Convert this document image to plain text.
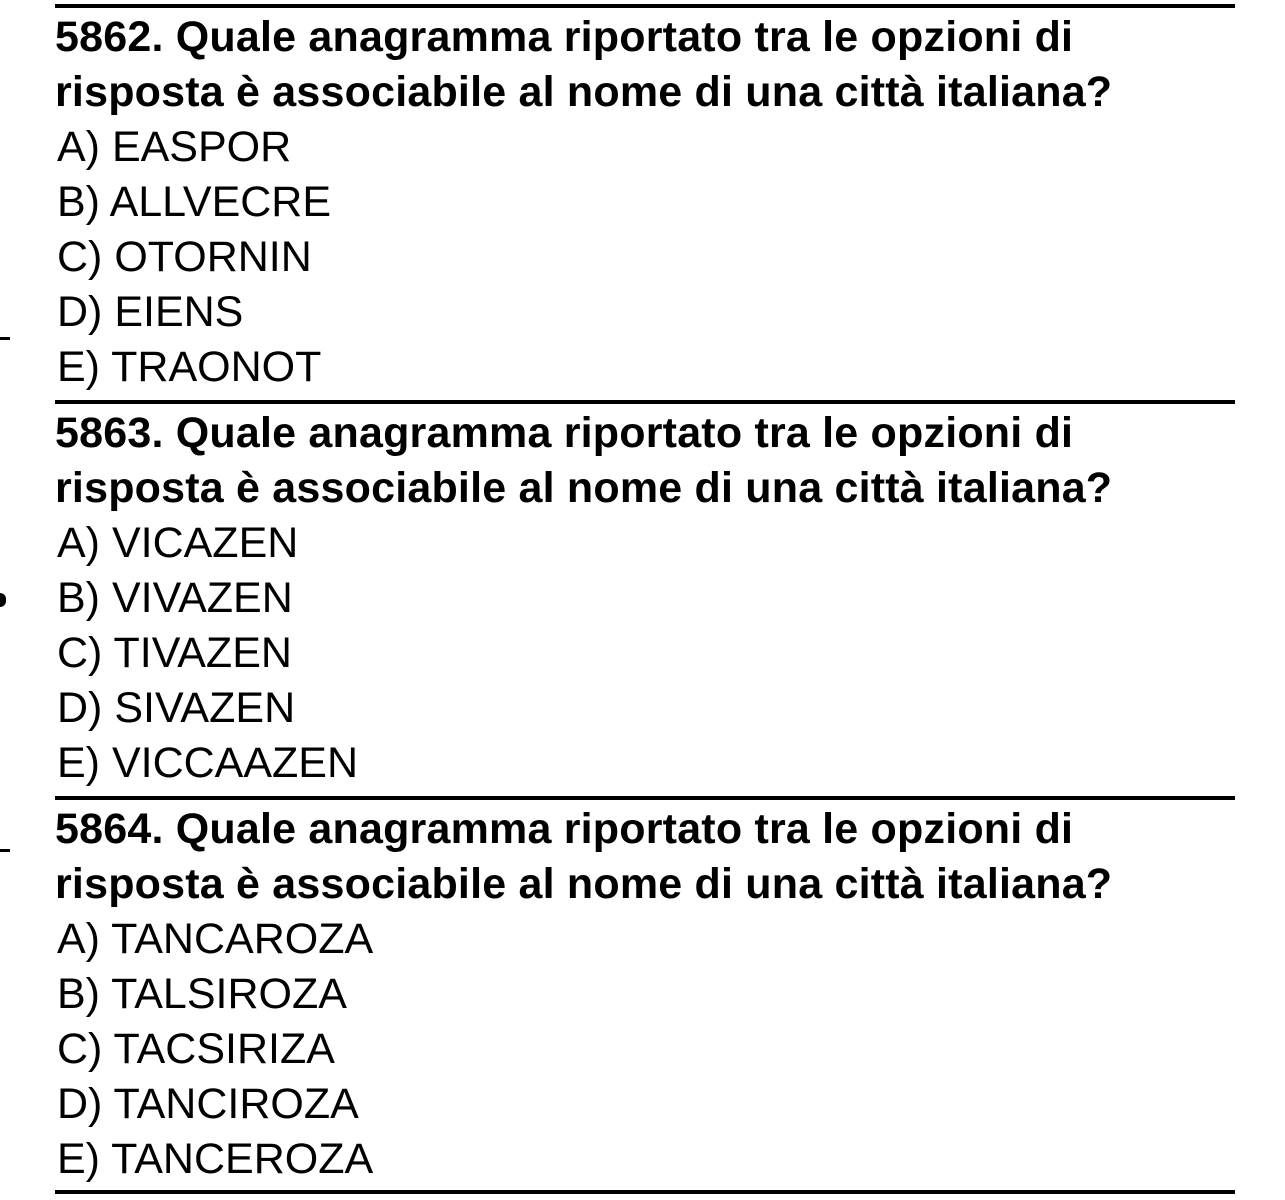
5862. Quale anagramma riportato tra le opzioni di risposta è associabile al nome di una città italiana?

A) EASPOR
B) ALLVECRE
C) OTORNIN
D) EIENS
E) TRAONOT

5863. Quale anagramma riportato tra le opzioni di risposta è associabile al nome di una città italiana?

A) VICAZEN
B) VIVAZEN
C) TIVAZEN
D) SIVAZEN
E) VICCAAZEN

5864. Quale anagramma riportato tra le opzioni di risposta è associabile al nome di una città italiana?

A) TANCAROZA
B) TALSIROZA
C) TACSIRIZA
D) TANCIROZA
E) TANCEROZA
